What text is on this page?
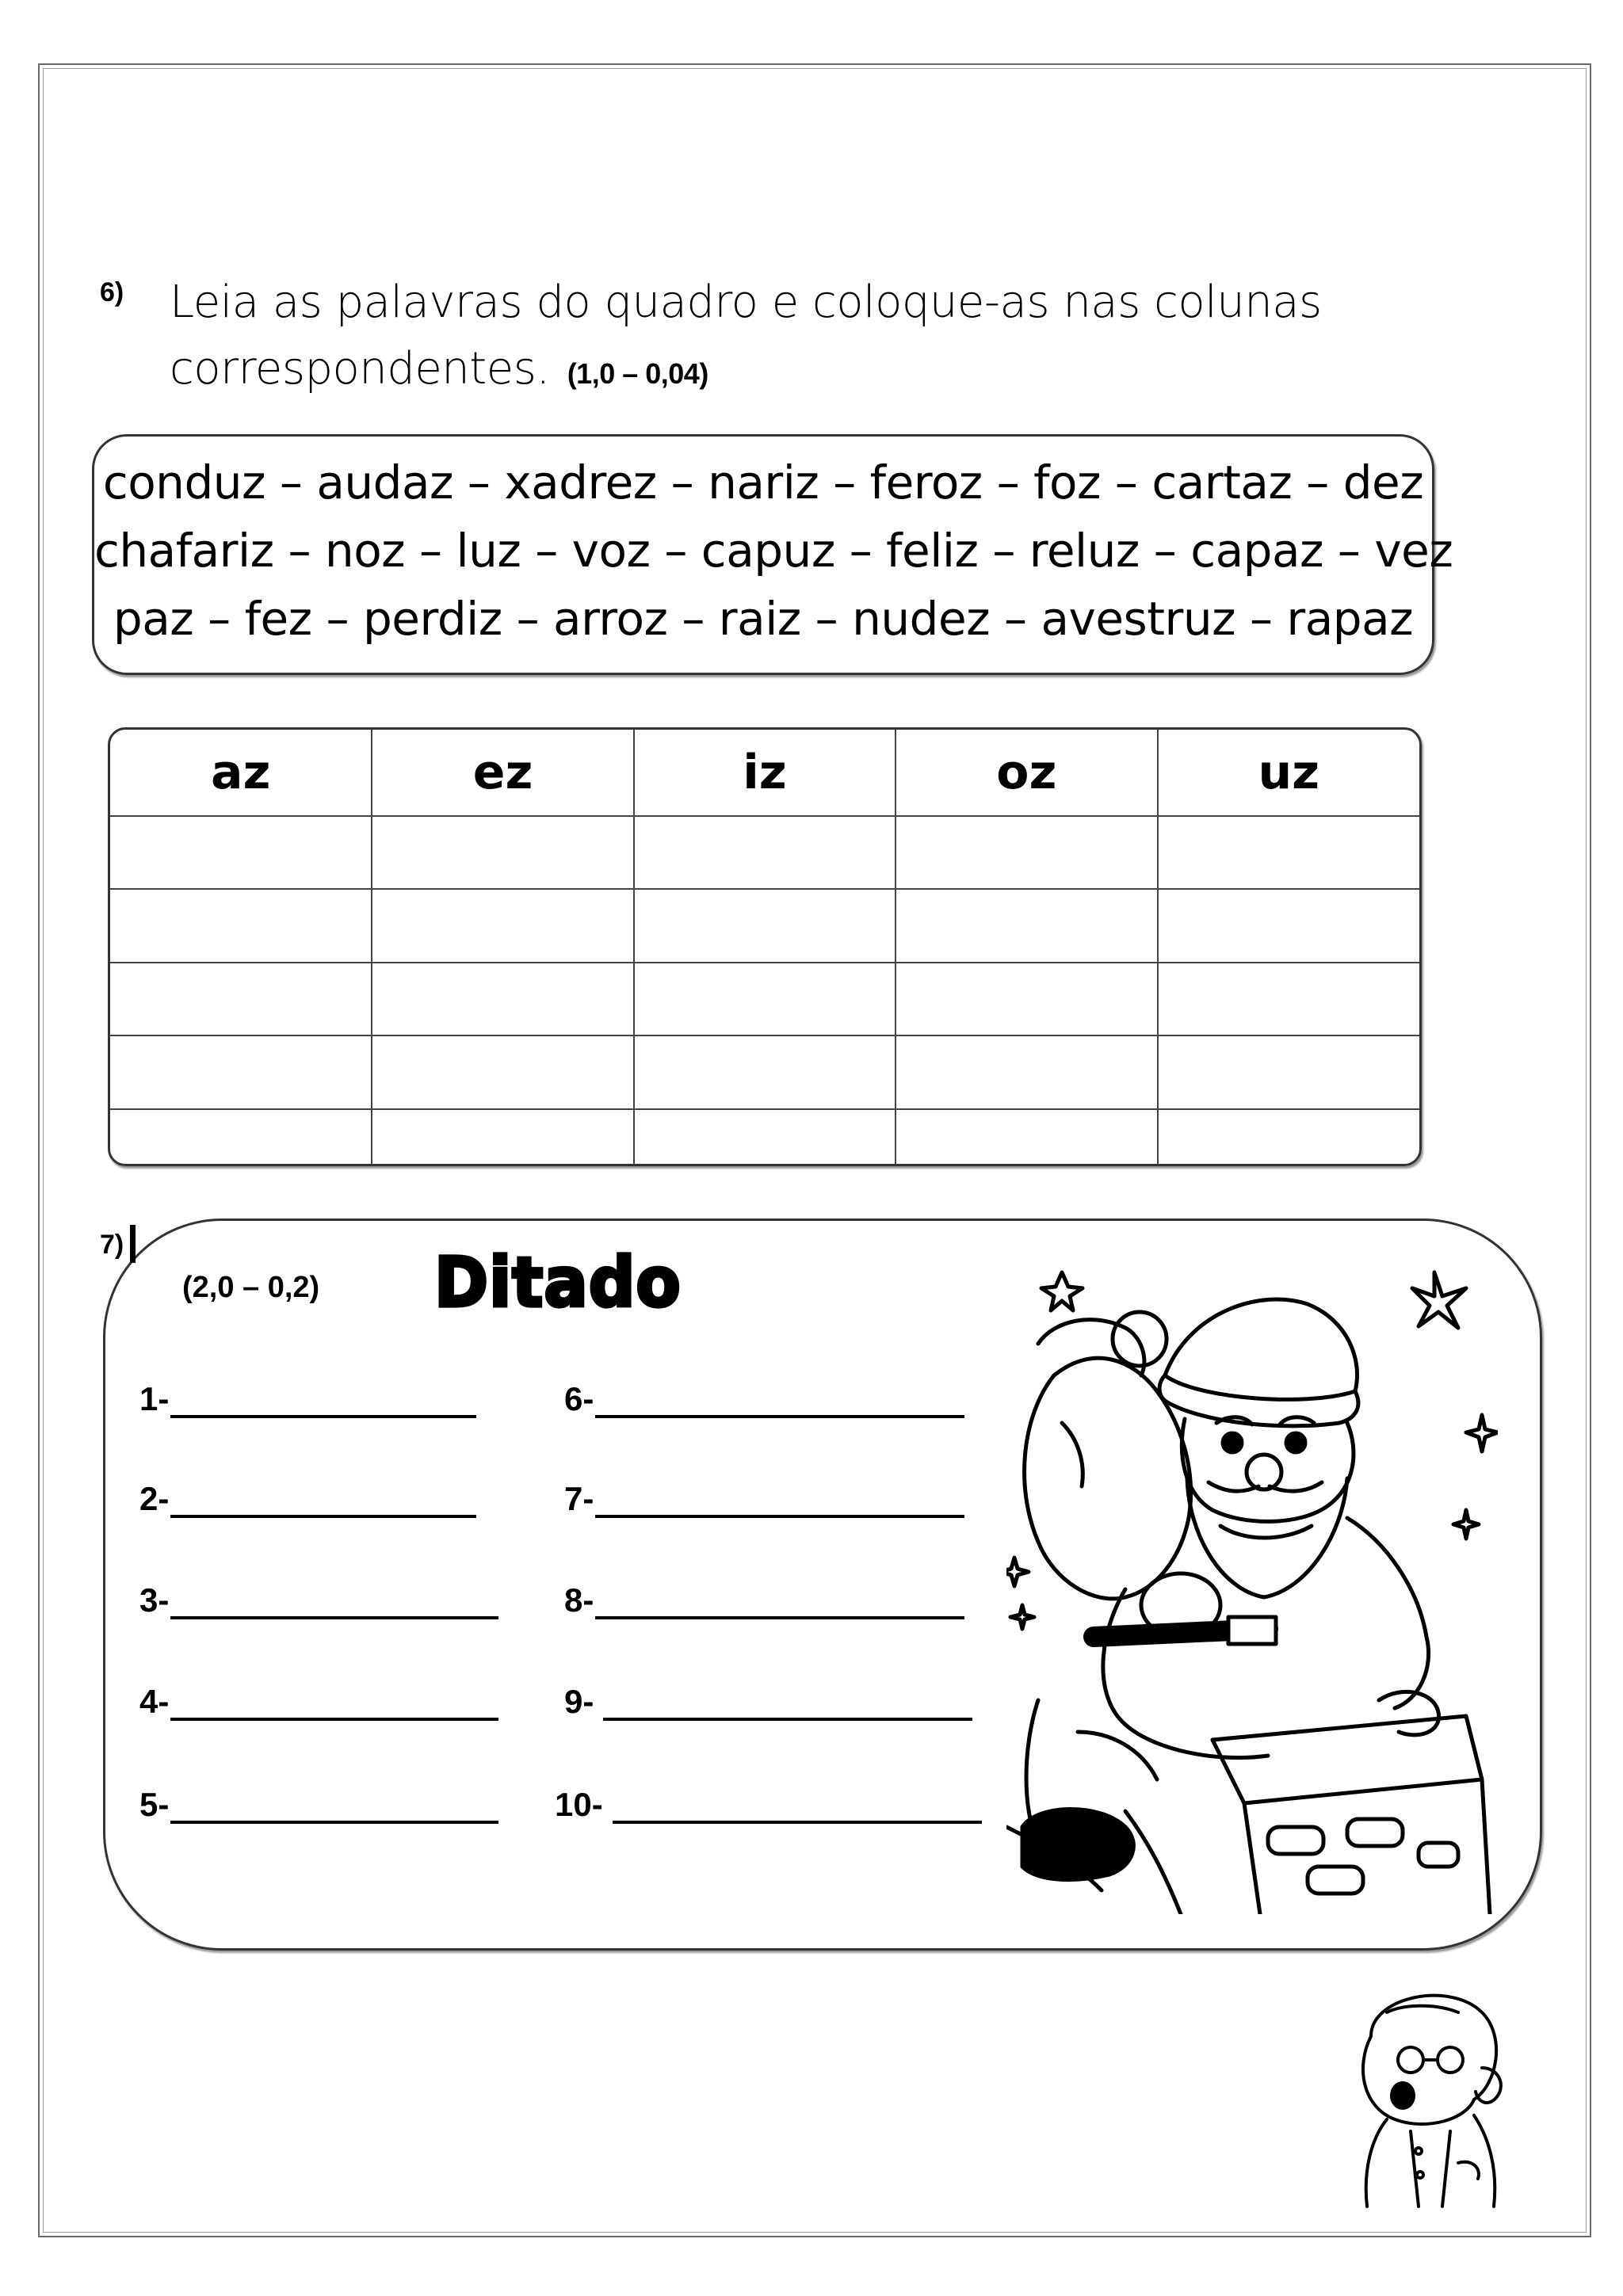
6) Leia as palavras do quadro e coloque-as nas colunas
correspondentes. (1,0 – 0,04)
conduz – audaz – xadrez – nariz – feroz – foz – cartaz – dez
chafariz – noz – luz – voz – capuz – feliz – reluz – capaz – vez
paz – fez – perdiz – arroz – raiz – nudez – avestruz – rapaz
az	ez	iz	oz	uz

7)
(2,0 – 0,2) Ditado
1-
2-
3-
4-
5-
6-
7-
8-
9-
10-
